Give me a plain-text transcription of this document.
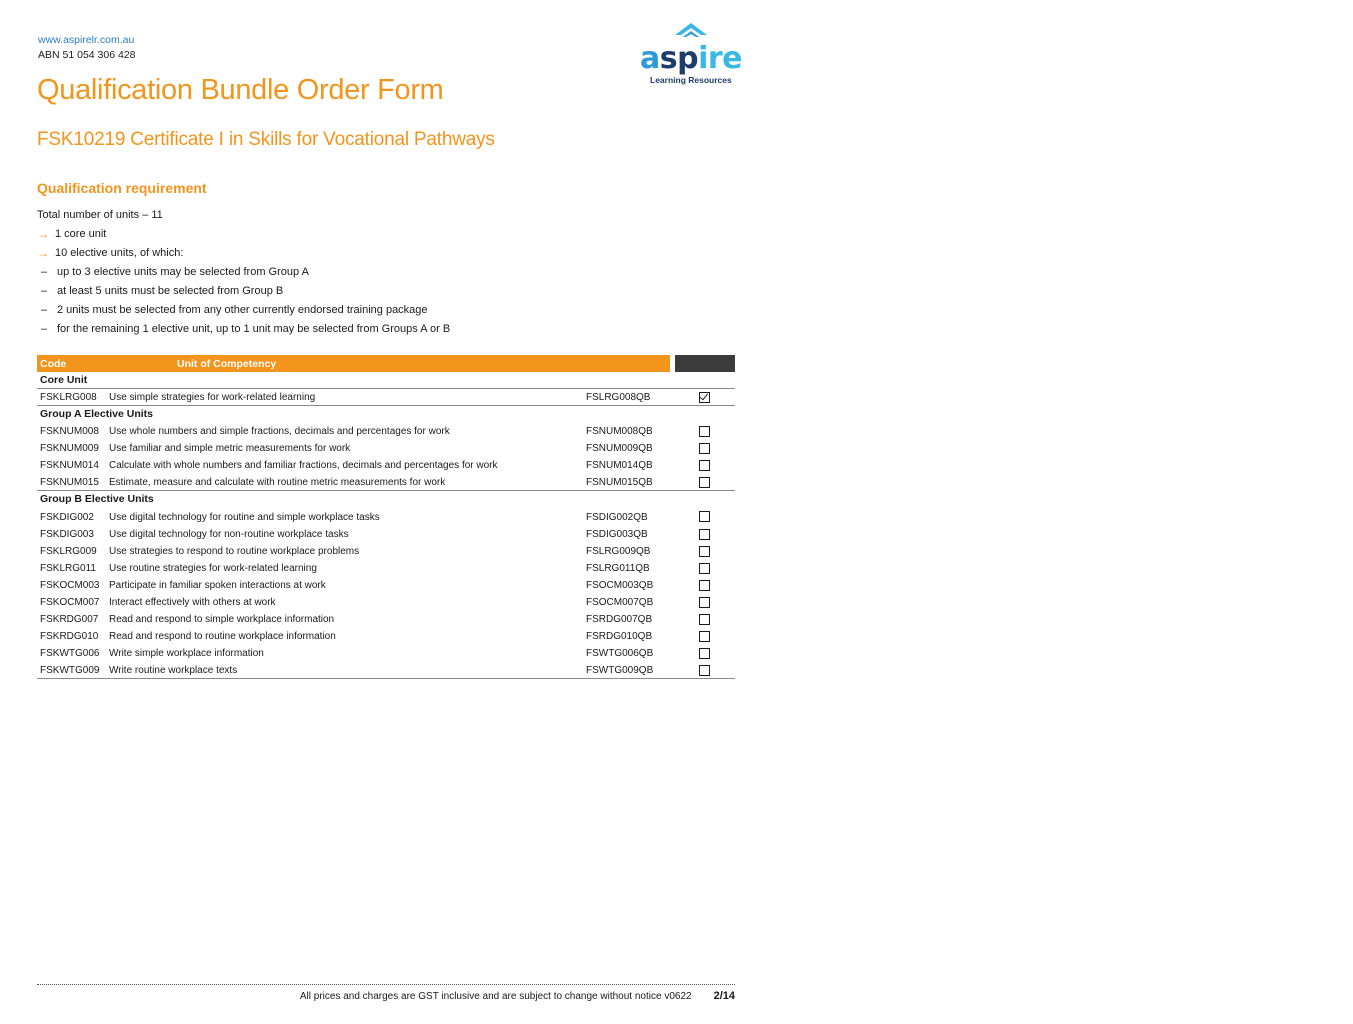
www.aspirelr.com.au
ABN 51 054 306 428	aspire
Learning Resources
Qualification Bundle Order Form
FSK10219 Certificate I in Skills for Vocational Pathways
Qualification requirement
Total number of units – 11
→ 1 core unit
→ 10 elective units, of which:
– up to 3 elective units may be selected from Group A
– at least 5 units must be selected from Group B
– 2 units must be selected from any other currently endorsed training package
– for the remaining 1 elective unit, up to 1 unit may be selected from Groups A or B
Code	Unit of Competency	Office use	Select
Core Unit
FSKLRG008	Use simple strategies for work-related learning	FSLRG008QB
Group A Elective Units
FSKNUM008	Use whole numbers and simple fractions, decimals and percentages for work	FSNUM008QB
FSKNUM009	Use familiar and simple metric measurements for work	FSNUM009QB
FSKNUM014	Calculate with whole numbers and familiar fractions, decimals and percentages for work	FSNUM014QB
FSKNUM015	Estimate, measure and calculate with routine metric measurements for work	FSNUM015QB
Group B Elective Units
FSKDIG002	Use digital technology for routine and simple workplace tasks	FSDIG002QB
FSKDIG003	Use digital technology for non-routine workplace tasks	FSDIG003QB
FSKLRG009	Use strategies to respond to routine workplace problems	FSLRG009QB
FSKLRG011	Use routine strategies for work-related learning	FSLRG011QB
FSKOCM003 Participate in familiar spoken interactions at work	FSOCM003QB
FSKOCM007 Interact effectively with others at work	FSOCM007QB
FSKRDG007	Read and respond to simple workplace information	FSRDG007QB
FSKRDG010	Read and respond to routine workplace information	FSRDG010QB
FSKWTG006 Write simple workplace information	FSWTG006QB
FSKWTG009 Write routine workplace texts	FSWTG009QB
All prices and charges are GST inclusive and are subject to change without notice v0622 2/14
